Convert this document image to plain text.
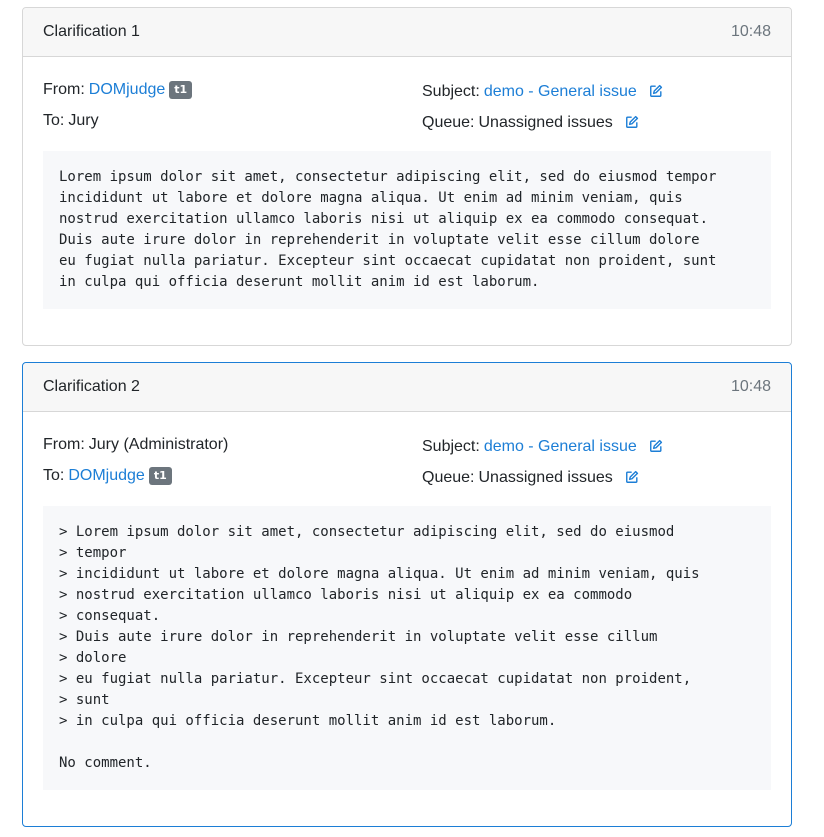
Clarification 1	10:48
From: DOMjudge t1
To: Jury
Subject: demo - General issue
Queue: Unassigned issues
Lorem ipsum dolor sit amet, consectetur adipiscing elit, sed do eiusmod tempor
incididunt ut labore et dolore magna aliqua. Ut enim ad minim veniam, quis
nostrud exercitation ullamco laboris nisi ut aliquip ex ea commodo consequat.
Duis aute irure dolor in reprehenderit in voluptate velit esse cillum dolore
eu fugiat nulla pariatur. Excepteur sint occaecat cupidatat non proident, sunt
in culpa qui officia deserunt mollit anim id est laborum.
Clarification 2	10:48
From: Jury (Administrator)
To: DOMjudge t1
Subject: demo - General issue
Queue: Unassigned issues
> Lorem ipsum dolor sit amet, consectetur adipiscing elit, sed do eiusmod
> tempor
> incididunt ut labore et dolore magna aliqua. Ut enim ad minim veniam, quis
> nostrud exercitation ullamco laboris nisi ut aliquip ex ea commodo
> consequat.
> Duis aute irure dolor in reprehenderit in voluptate velit esse cillum
> dolore
> eu fugiat nulla pariatur. Excepteur sint occaecat cupidatat non proident,
> sunt
> in culpa qui officia deserunt mollit anim id est laborum.

No comment.
